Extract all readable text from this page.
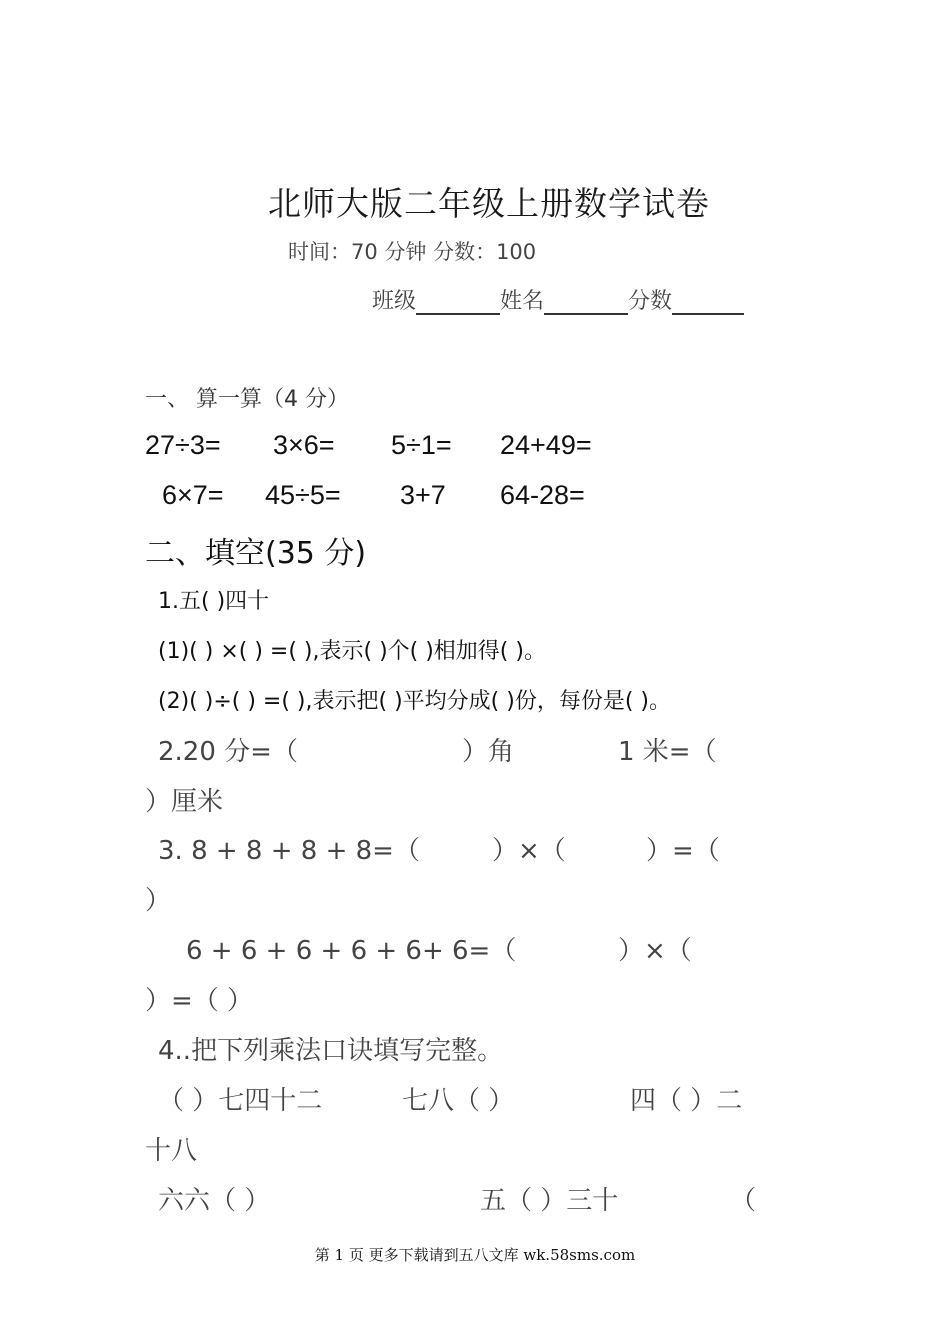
北师大版二年级上册数学试卷
时间：70 分钟 分数：100
班级	姓名	分数
一、 算一算（4 分）
27÷3= 3×6= 5÷1= 24+49=
6×7= 45÷5= 3+7 64-28=
二、填空(35 分)
1.五( )四十
(1)( ) ×( ) =( ),表示( )个( )相加得( )。
(2)( )÷( ) =( ),表示把( )平均分成( )份，每份是( )。
2.20 分=（	）角	1 米=（
）厘米
3. 8 + 8 + 8 + 8=（	）×（	）=（
）
6 + 6 + 6 + 6 + 6+ 6=（	）×（
）=（ ）
4..把下列乘法口诀填写完整。
（ ）七四十二	七八（ ）	四（ ）二
十八
六六（ ）	五（ ）三十	（
第 1 页 更多下载请到五八文库 wk.58sms.com
